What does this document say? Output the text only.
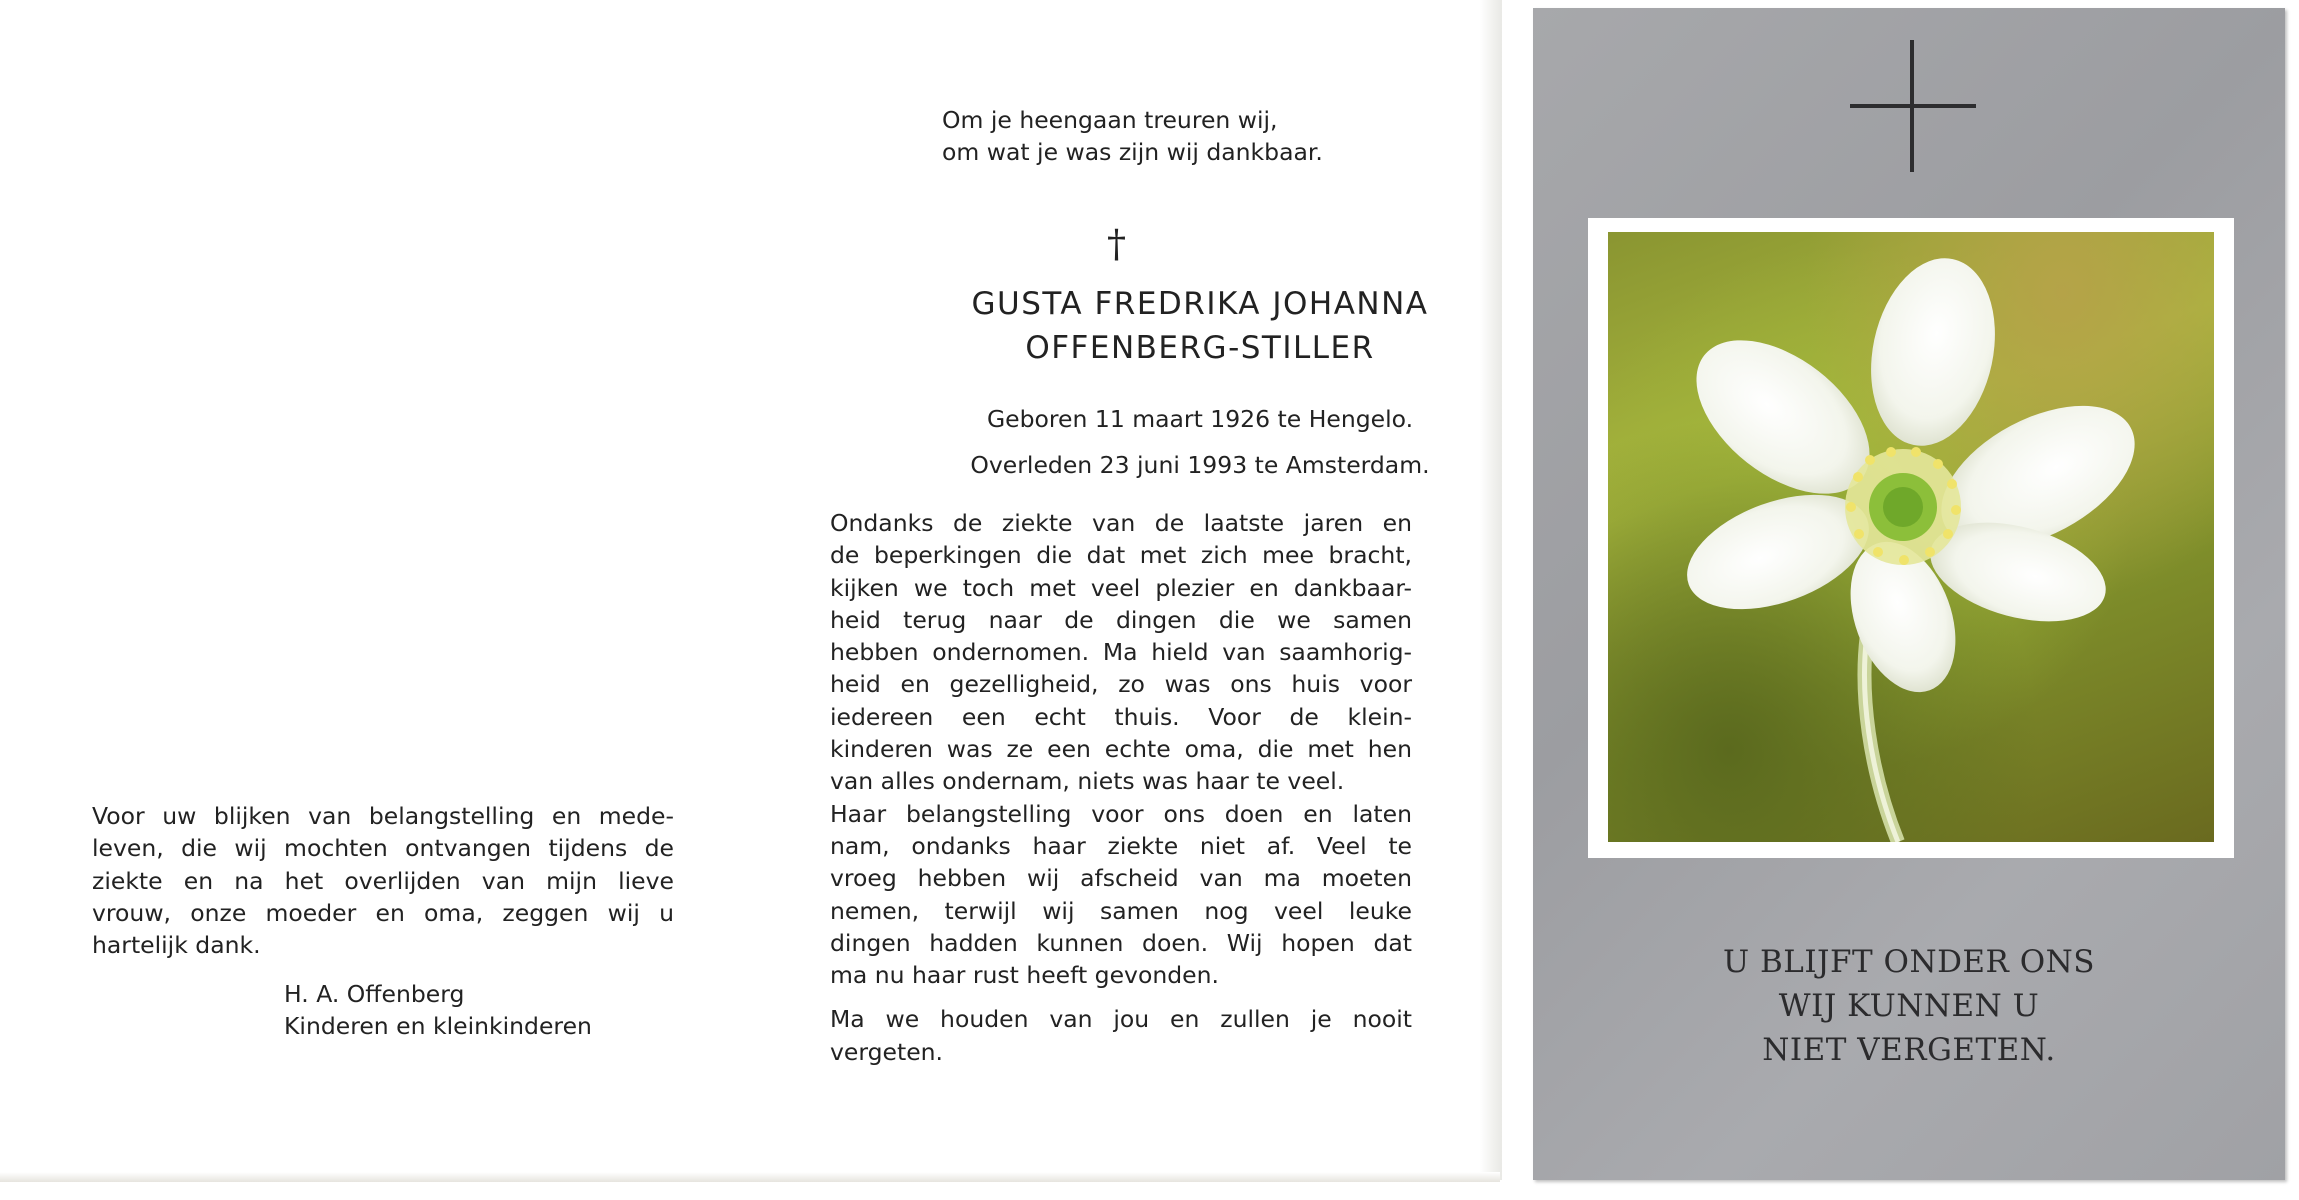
Voor uw blijken van belangstelling en mede-

leven, die wij mochten ontvangen tijdens de

ziekte en na het overlijden van mijn lieve

vrouw, onze moeder en oma, zeggen wij u

hartelijk dank.

H. A. Offenberg
Kinderen en kleinkinderen
Om je heengaan treuren wij,
om wat je was zijn wij dankbaar.
†
GUSTA FREDRIKA JOHANNA
OFFENBERG-STILLER
Geboren 11 maart 1926 te Hengelo.
Overleden 23 juni 1993 te Amsterdam.
Ondanks de ziekte van de laatste jaren en
de beperkingen die dat met zich mee bracht,
kijken we toch met veel plezier en dankbaar-
heid terug naar de dingen die we samen
hebben ondernomen. Ma hield van saamhorig-
heid en gezelligheid, zo was ons huis voor
iedereen een echt thuis. Voor de klein-
kinderen was ze een echte oma, die met hen
van alles ondernam, niets was haar te veel.
Haar belangstelling voor ons doen en laten
nam, ondanks haar ziekte niet af. Veel te
vroeg hebben wij afscheid van ma moeten
nemen, terwijl wij samen nog veel leuke
dingen hadden kunnen doen. Wij hopen dat
ma nu haar rust heeft gevonden.
Ma we houden van jou en zullen je nooit
vergeten.
U BLIJFT ONDER ONS
WIJ KUNNEN U
NIET VERGETEN.
